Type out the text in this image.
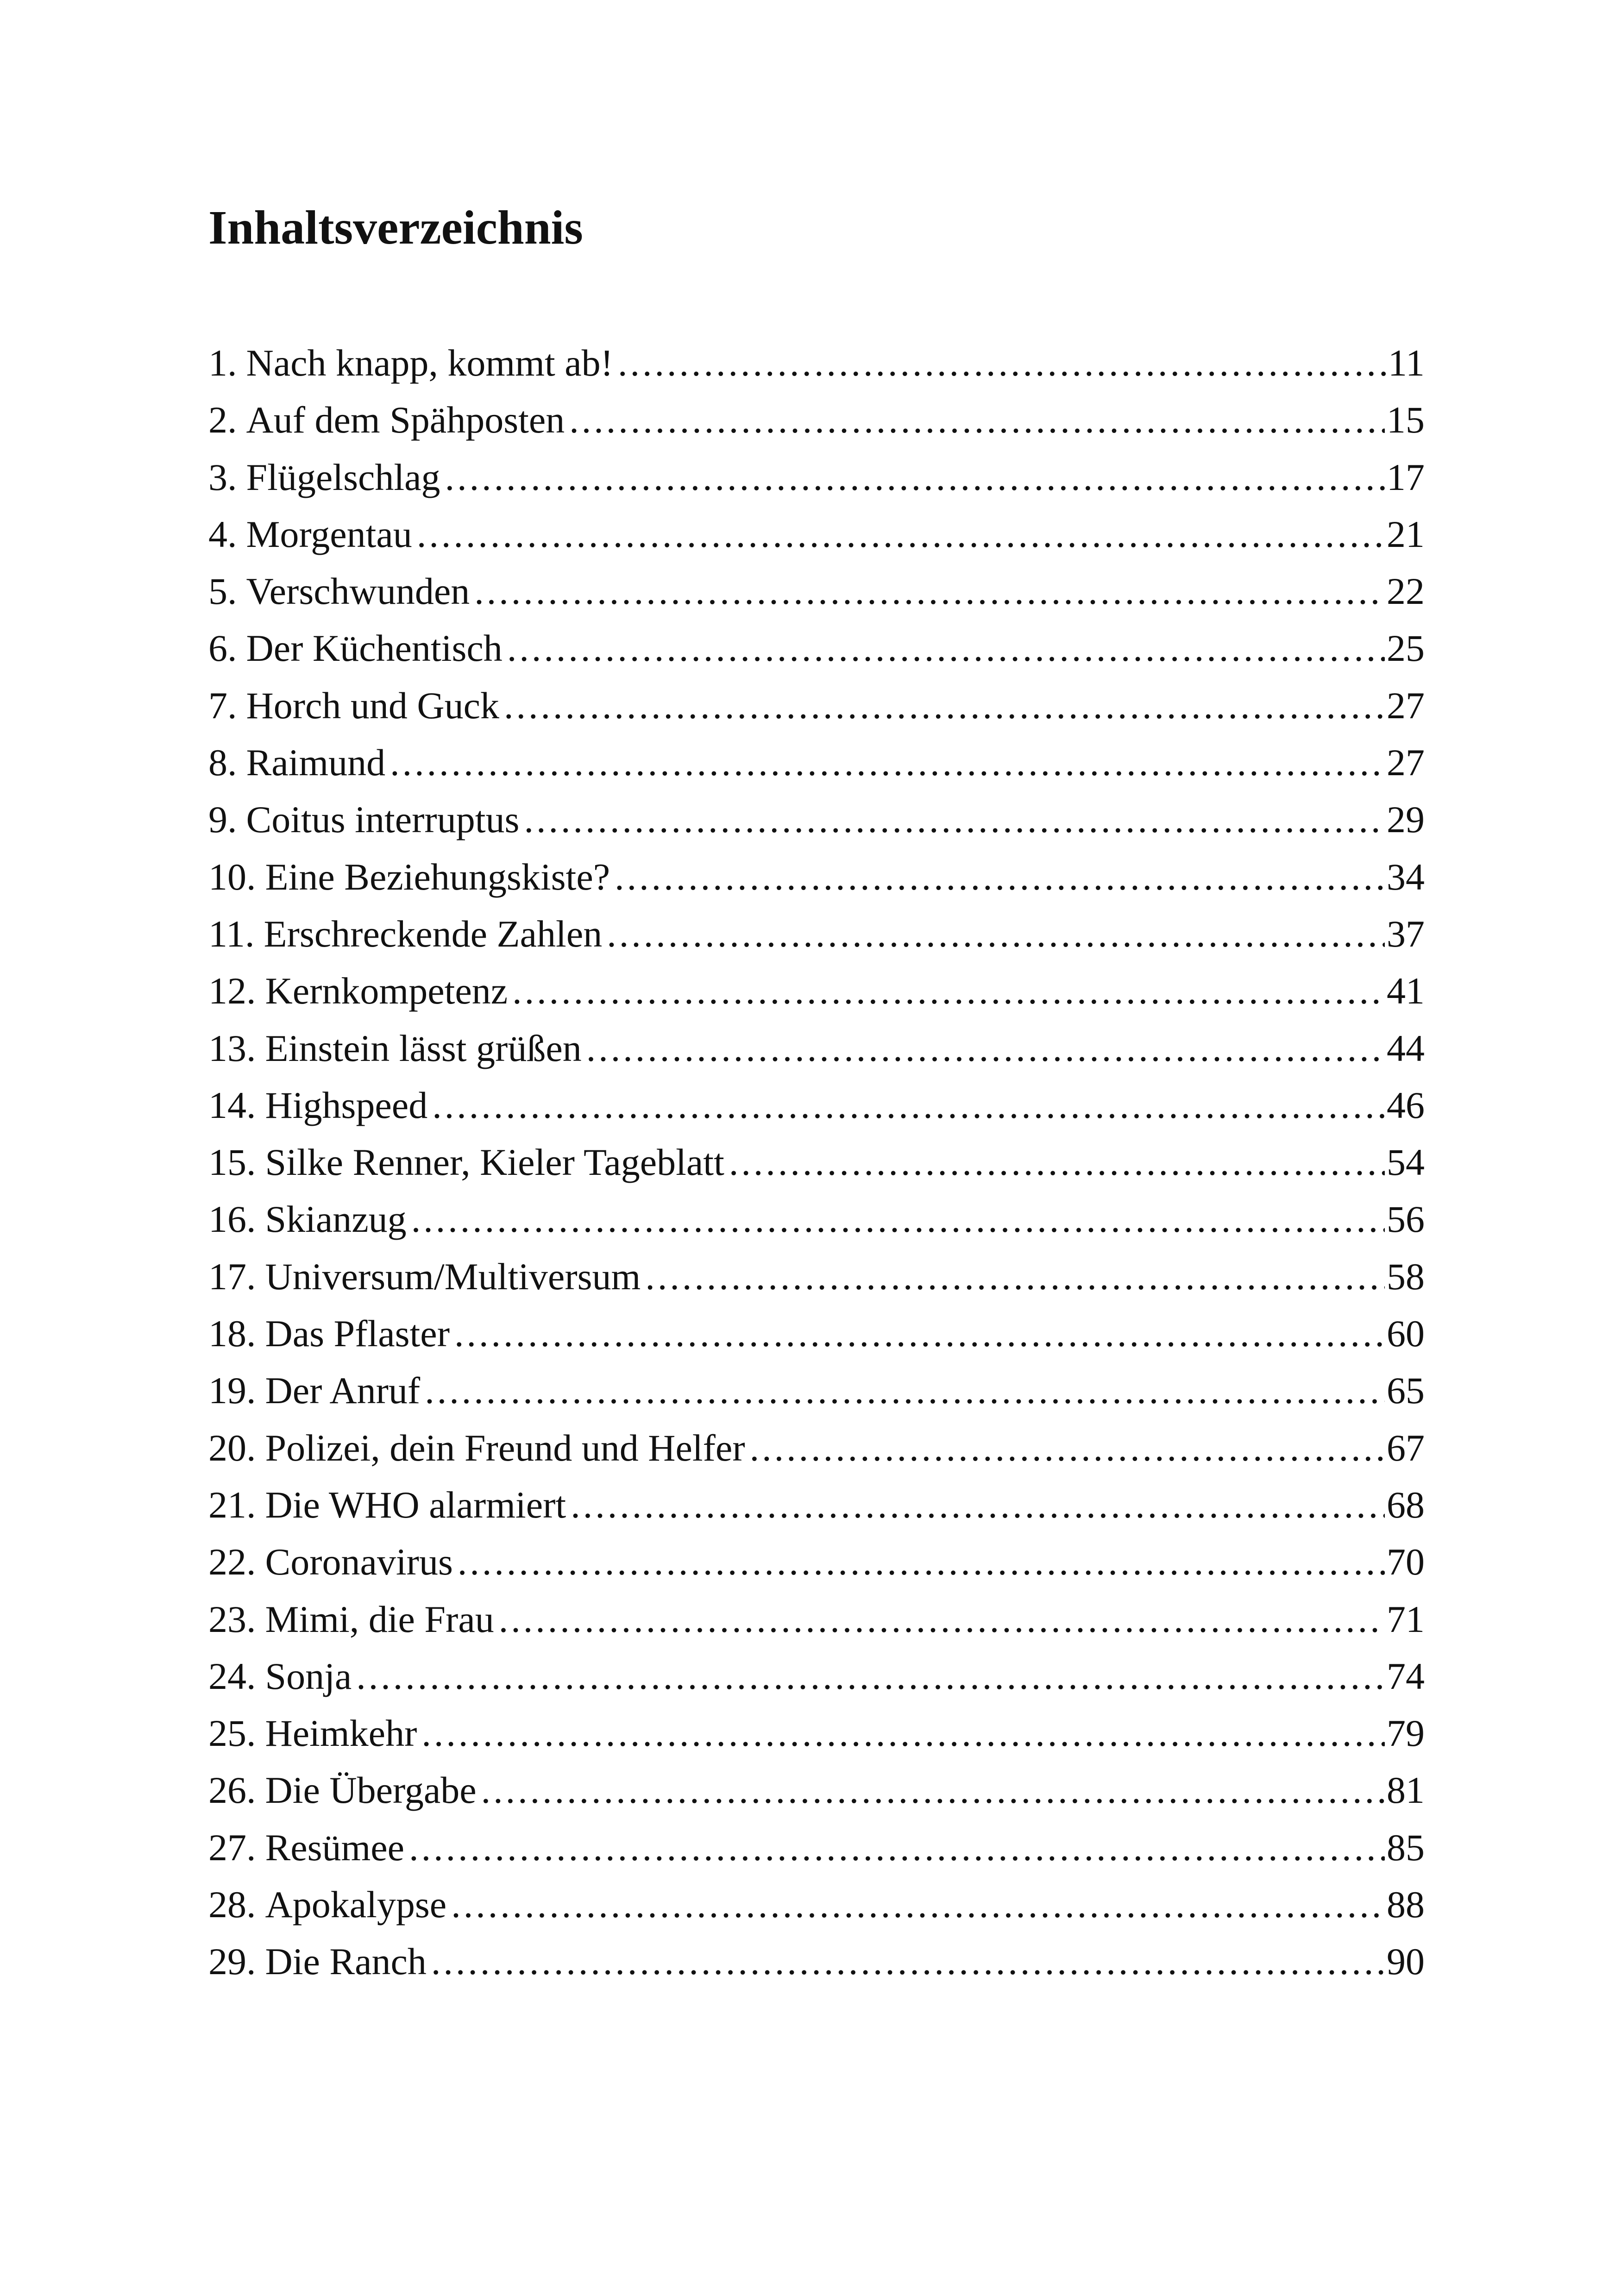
Inhaltsverzeichnis
1. Nach knapp, kommt ab! .....	11
2. Auf dem Spähposten .....	15
3. Flügelschlag .....	17
4. Morgentau .....	21
5. Verschwunden .....	22
6. Der Küchentisch .....	25
7. Horch und Guck .....	27
8. Raimund .....	27
9. Coitus interruptus .....	29
10. Eine Beziehungskiste? .....	34
11. Erschreckende Zahlen .....	37
12. Kernkompetenz .....	41
13. Einstein lässt grüßen .....	44
14. Highspeed .....	46
15. Silke Renner, Kieler Tageblatt .....	54
16. Skianzug .....	56
17. Universum/Multiversum .....	58
18. Das Pflaster .....	60
19. Der Anruf .....	65
20. Polizei, dein Freund und Helfer .....	67
21. Die WHO alarmiert .....	68
22. Coronavirus .....	70
23. Mimi, die Frau .....	71
24. Sonja .....	74
25. Heimkehr .....	79
26. Die Übergabe .....	81
27. Resümee .....	85
28. Apokalypse .....	88
29. Die Ranch .....	90
